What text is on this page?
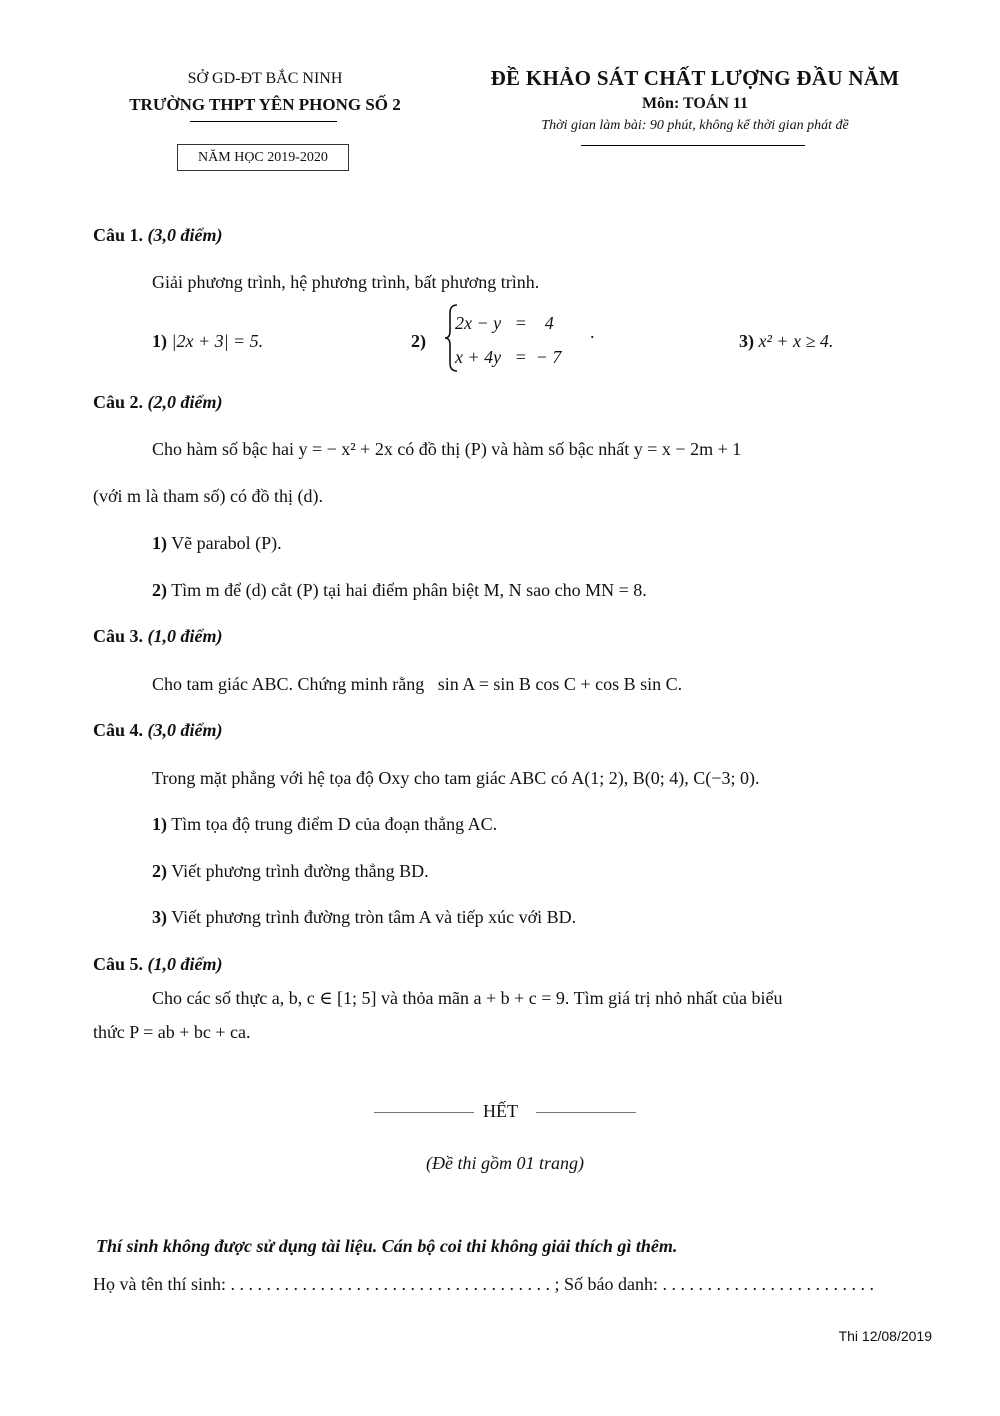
SỞ GD-ĐT BẮC NINH
TRƯỜNG THPT YÊN PHONG SỐ 2
NĂM HỌC 2019-2020
ĐỀ KHẢO SÁT CHẤT LƯỢNG ĐẦU NĂM
Môn: TOÁN 11
Thời gian làm bài: 90 phút, không kể thời gian phát đề
Câu 1. (3,0 điểm)
Giải phương trình, hệ phương trình, bất phương trình.
1) |2x + 3| = 5.	2)
2x − y   =    4
x + 4y   =  − 7
.	3) x² + x ≥ 4.
Câu 2. (2,0 điểm)
Cho hàm số bậc hai y = − x² + 2x có đồ thị (P) và hàm số bậc nhất y = x − 2m + 1
(với m là tham số) có đồ thị (d).
1) Vẽ parabol (P).
2) Tìm m để (d) cắt (P) tại hai điểm phân biệt M, N sao cho MN = 8.
Câu 3. (1,0 điểm)
Cho tam giác ABC. Chứng minh rằng   sin A = sin B cos C + cos B sin C.
Câu 4. (3,0 điểm)
Trong mặt phẳng với hệ tọa độ Oxy cho tam giác ABC có A(1; 2), B(0; 4), C(−3; 0).
1) Tìm tọa độ trung điểm D của đoạn thẳng AC.
2) Viết phương trình đường thẳng BD.
3) Viết phương trình đường tròn tâm A và tiếp xúc với BD.
Câu 5. (1,0 điểm)
Cho các số thực a, b, c ∈ [1; 5] và thỏa mãn a + b + c = 9. Tìm giá trị nhỏ nhất của biểu
thức P = ab + bc + ca.
HẾT
(Đề thi gồm 01 trang)
Thí sinh không được sử dụng tài liệu. Cán bộ coi thi không giải thích gì thêm.
Họ và tên thí sinh: . . . . . . . . . . . . . . . . . . . . . . . . . . . . . . . . . . . . ; Số báo danh: . . . . . . . . . . . . . . . . . . . . . . . .
Thi 12/08/2019
